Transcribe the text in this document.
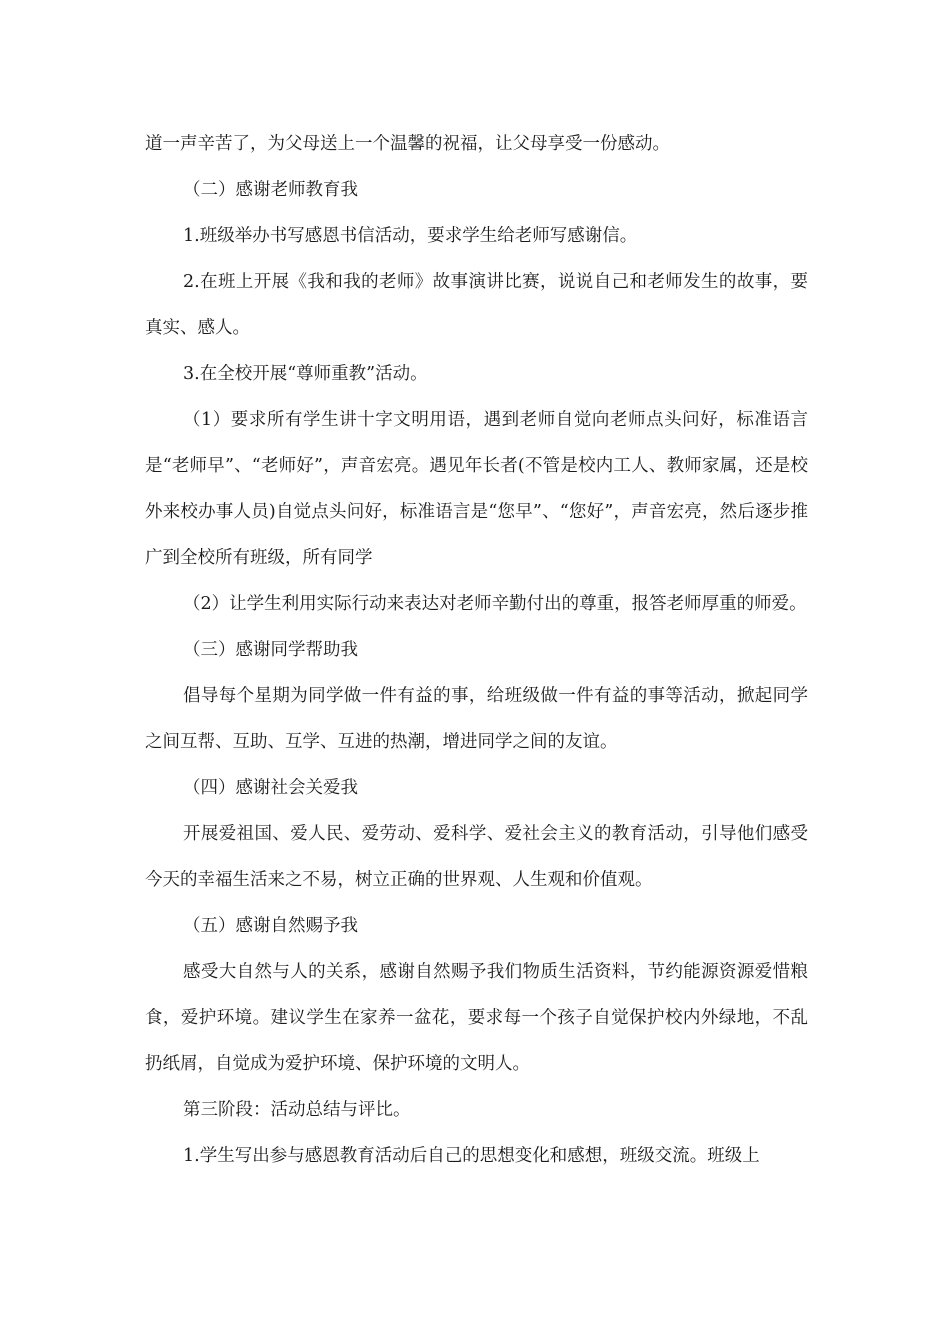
道一声辛苦了，为父母送上一个温馨的祝福，让父母享受一份感动。

（二）感谢老师教育我

1.班级举办书写感恩书信活动，要求学生给老师写感谢信。

2.在班上开展《我和我的老师》故事演讲比赛，说说自己和老师发生的故事，要真实、感人。

3.在全校开展“尊师重教”活动。

（1）要求所有学生讲十字文明用语，遇到老师自觉向老师点头问好，标准语言是“老师早”、“老师好”，声音宏亮。遇见年长者(不管是校内工人、教师家属，还是校外来校办事人员)自觉点头问好，标准语言是“您早”、“您好”，声音宏亮，然后逐步推广到全校所有班级，所有同学

（2）让学生利用实际行动来表达对老师辛勤付出的尊重，报答老师厚重的师爱。

（三）感谢同学帮助我

倡导每个星期为同学做一件有益的事，给班级做一件有益的事等活动，掀起同学之间互帮、互助、互学、互进的热潮，增进同学之间的友谊。

（四）感谢社会关爱我

开展爱祖国、爱人民、爱劳动、爱科学、爱社会主义的教育活动，引导他们感受今天的幸福生活来之不易，树立正确的世界观、人生观和价值观。

（五）感谢自然赐予我

感受大自然与人的关系，感谢自然赐予我们物质生活资料，节约能源资源爱惜粮食，爱护环境。建议学生在家养一盆花，要求每一个孩子自觉保护校内外绿地，不乱扔纸屑，自觉成为爱护环境、保护环境的文明人。

第三阶段：活动总结与评比。

1.学生写出参与感恩教育活动后自己的思想变化和感想，班级交流。班级上
